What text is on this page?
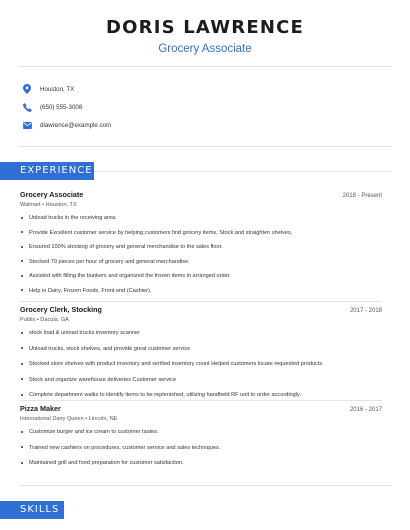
DORIS LAWRENCE
Grocery Associate
Houston, TX
(650) 555-3008
dlawrence@example.com
EXPERIENCE
Grocery Associate	2018 - Present
Walmart • Houston, TX
Unload trucks in the receiving area.
Provide Excellent customer service by helping customers find grocery items, Stock and straighten shelves,
Ensured 100% stocking of grocery and general merchandise to the sales floor.
Stocked 70 pieces per hour of grocery and general merchandise.
Assisted with filling the bunkers and organized the frozen items in arranged order.
Help in Dairy, Frozen Foods, Front end (Cashier).
Grocery Clerk, Stocking	2017 - 2018
Publix • Dacula, GA
stock load & unload trucks inventory scanner
Unload trucks, stock shelves, and provide great customer service
Stocked store shelves with product inventory and verified inventory count Helped customers locate requested products
Stock and organize warehouse deliveries Customer service
Complete department walks to identify items to be replenished; utilizing handheld RF unit to order accordingly.
Pizza Maker	2016 - 2017
International Dairy Queen • Lincoln, NE
Customize burger and ice cream to customer tastes.
Trained new cashiers on procedures, customer service and sales techniques.
Maintained grill and food preparation for customer satisfaction.
SKILLS
